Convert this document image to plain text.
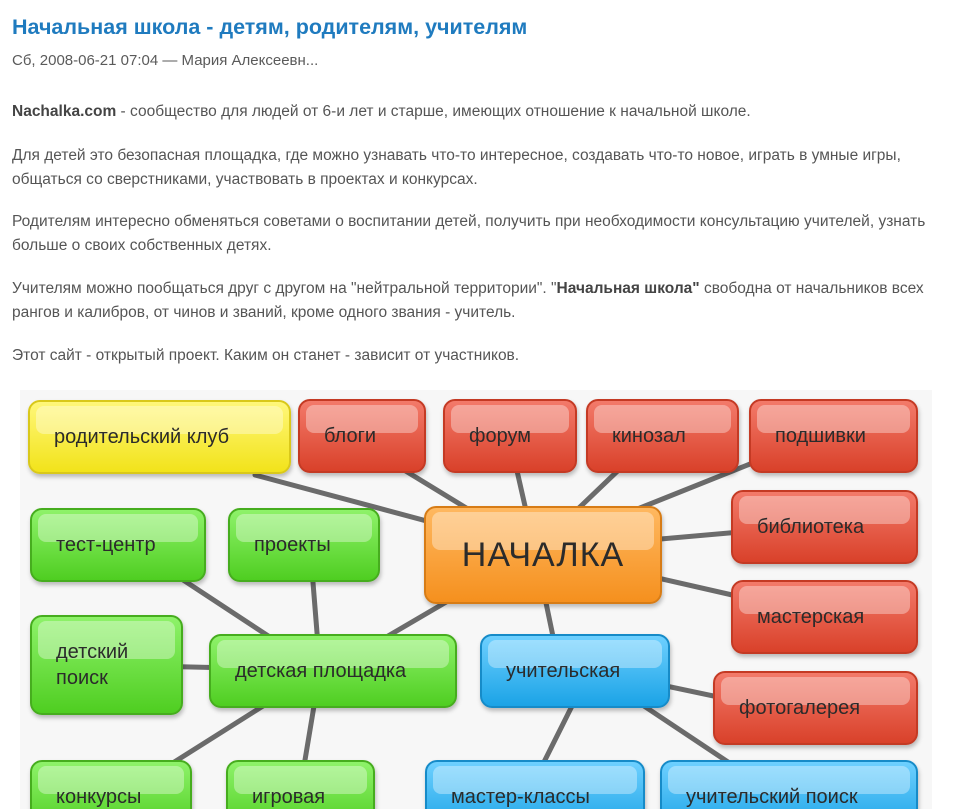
Начальная школа - детям, родителям, учителям
Сб, 2008-06-21 07:04 — Мария Алексеевн...
Nachalka.com - сообщество для людей от 6-и лет и старше, имеющих отношение к начальной школе.
Для детей это безопасная площадка, где можно узнавать что-то интересное, создавать что-то новое, играть в умные игры, общаться со сверстниками, участвовать в проектах и конкурсах.
Родителям интересно обменяться советами о воспитании детей, получить при необходимости консультацию учителей, узнать больше о своих собственных детях.
Учителям можно пообщаться друг с другом на "нейтральной территории". "Начальная школа" свободна от начальников всех рангов и калибров, от чинов и званий, кроме одного звания - учитель.
Этот сайт - открытый проект. Каким он станет - зависит от участников.
родительский клуб	блоги	форум	кинозал	подшивки
тест-центр	проекты	НАЧАЛКА
библиотека
детский
поиск	детская площадка	учительская
мастерская
фотогалерея
конкурсы	игровая	мастер-классы	учительский поиск
